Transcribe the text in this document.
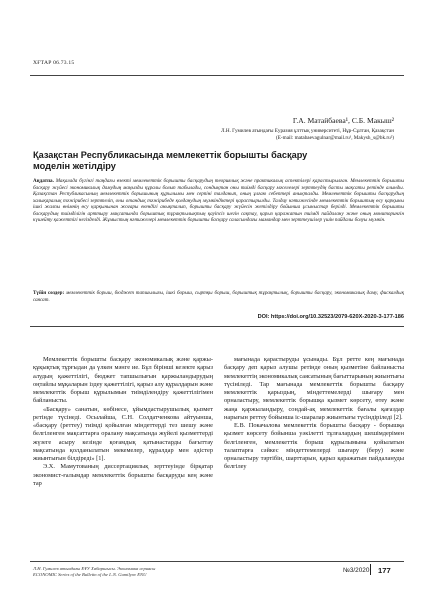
ХҒТАР 06.73.15
Г.А. Матайбаева¹, С.Б. Макыш²
Л.Н. Гумилев атындағы Еуразия ұлттық университеті, Нұр-Сұлтан, Қазақстан
(E-mail: matabaevagulnar@mail.ru¹, Makysh_s@bk.ru²)
Қазақстан Республикасында мемлекеттік борышты басқару моделін жетілдіру
Аңдатпа. Мақалада бүгінгі таңдағы өзекті мемлекеттік борышты басқарудың теориялық және практикалық аспектілері қарастырылған. Мемлекеттік борышты басқару жүйесі экономикалық дамудың маңызды құралы болып табылады, сондықтан оны тиімді басқару мәселелері зерттеудің басты мақсаты ретінде алынды. Қазақстан Республикасының мемлекеттік борышының құрылымы мен серпіні талданып, оның ұлғаю себептері анықталды. Мемлекеттік борышты басқарудың халықаралық тәжірибесі зерттеліп, оны отандық тәжірибеде қолданудың мүмкіндіктері қарастырылды. Талдау нәтижесінде мемлекеттік борыштың өсу қарқыны ішкі жалпы өнімнің өсу қарқынынан жоғары екендігі анықталып, борышты басқару жүйесін жетілдіру бойынша ұсыныстар берілді. Мемлекеттік борышты басқарудың тиімділігін арттыру мақсатында борыштық тұрақтылықтың қауіпсіз шегін сақтау, қарыз қаражатын тиімді пайдалану және оның мониторингін күшейту қажеттігі негізделді. Жұмыстың нәтижелері мемлекеттік борышты басқару саласындағы мамандар мен зерттеушілер үшін пайдалы болуы мүмкін.
Түйін сөздер: мемлекеттік борыш, бюджет тапшылығы, ішкі борыш, сыртқы борыш, борыштық тұрақтылық, борышты басқару, экономикалық даму, фискалдық саясат.
DOI: https://doi.org/10.32523/2079-620X-2020-3-177-186

Мемлекеттік борышты басқару экономикалық және қаржы-құқықтық тұрғыдан да үлкен мәнге ие. Бұл бірінші кезекте қарыз алудың қажеттілігі, бюджет тапшылығын қаржыландырудың оңтайлы мұқаларын іздеу қажеттілігі, қарыз алу құралдарын және мемлекеттік борыш құрылымын тиімділендіру қажеттілігімен байланысты.

«Басқару» санатын, көбінесе, ұйымдастырушылық қызмет ретінде түсінеді. Осылайша, С.Н. Солдатченкова айтуынша, «басқару (реттеу) тиімді қойылған міндеттерді тез шешу және белгіленген мақсаттарға оралану мақсатында жүйелі қызметтерді жүзеге асыру кезінде қоғамдық қатынастарды бағыттау мақсатында қолданылатын мекемелер, құралдар мен әдістер жиынтығын білдіреді» [1].

Э.Х. Мамутованың диссертациялық зерттеуінде бірқатар экономист-ғалымдар мемлекеттік борышты басқаруды кең және тар

мағынада қарастыруды ұсынады. Бұл ретте кең мағынада басқару деп қарыз алушы ретінде оның қызметіне байланысты мемлекеттің экономикалық саясатының бағыттарының жиынтығы түсініледі. Тар мағынада мемлекеттік борышты басқару мемлекеттік қарыздың, міндеттемелерді шығару мен орналастыру, мемлекеттік борышқа қызмет көрсету, өтеу және жаңа қаржыландыру, сондай-ақ мемлекеттік бағалы қағаздар нарығын реттеу бойынша іс-шаралар жиынтығы түсіндіріледі [2].

Е.В. Покачалова мемлекеттік борышты басқару - борышқа қызмет көрсету бойынша уәкілетті тұлғалардың шешімдерімен белгіленген, мемлекеттік борыш құрылымына қойылатын талаптарға сәйкес міндеттемелерді шығару (беру) және орналастыру тәртібін, шарттарын, қарыз қаражатын пайдалануды белгілеу

Л.Н. Гумилев атындағы ЕҰУ Хабаршысы. Экономика сериясы
ECONOMIC Series of the Bulletin of the L.N. Gumilyov ENU
№3/2020 177
